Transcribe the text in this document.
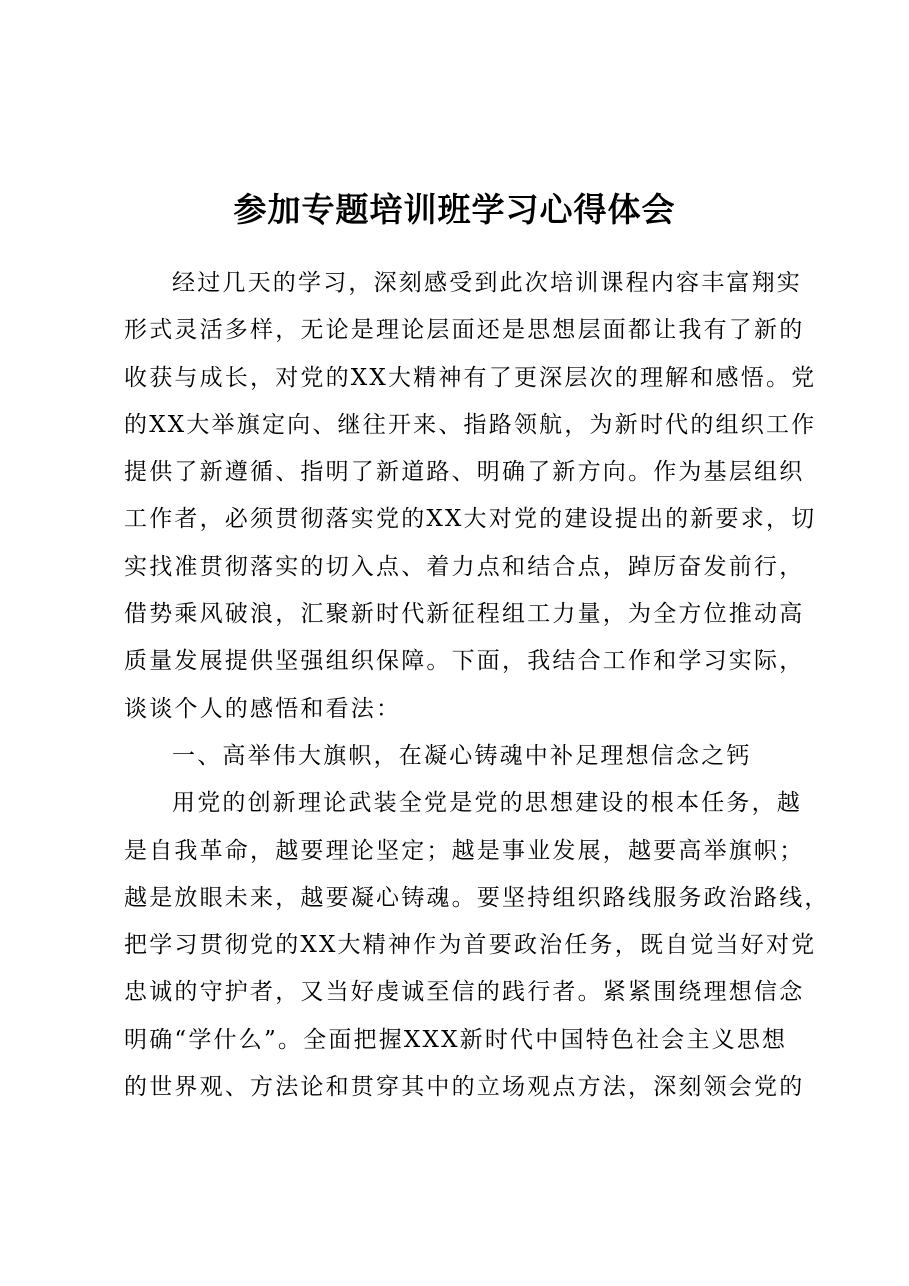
参加专题培训班学习心得体会
经过几天的学习，深刻感受到此次培训课程内容丰富翔实
形式灵活多样，无论是理论层面还是思想层面都让我有了新的
收获与成长，对党的XX大精神有了更深层次的理解和感悟。党
的XX大举旗定向、继往开来、指路领航，为新时代的组织工作
提供了新遵循、指明了新道路、明确了新方向。作为基层组织
工作者，必须贯彻落实党的XX大对党的建设提出的新要求，切
实找准贯彻落实的切入点、着力点和结合点，踔厉奋发前行，
借势乘风破浪，汇聚新时代新征程组工力量，为全方位推动高
质量发展提供坚强组织保障。下面，我结合工作和学习实际，
谈谈个人的感悟和看法：
一、高举伟大旗帜，在凝心铸魂中补足理想信念之钙
用党的创新理论武装全党是党的思想建设的根本任务，越
是自我革命，越要理论坚定；越是事业发展，越要高举旗帜；
越是放眼未来，越要凝心铸魂。要坚持组织路线服务政治路线，
把学习贯彻党的XX大精神作为首要政治任务，既自觉当好对党
忠诚的守护者，又当好虔诚至信的践行者。紧紧围绕理想信念
明确“学什么”。全面把握XXX新时代中国特色社会主义思想
的世界观、方法论和贯穿其中的立场观点方法，深刻领会党的
